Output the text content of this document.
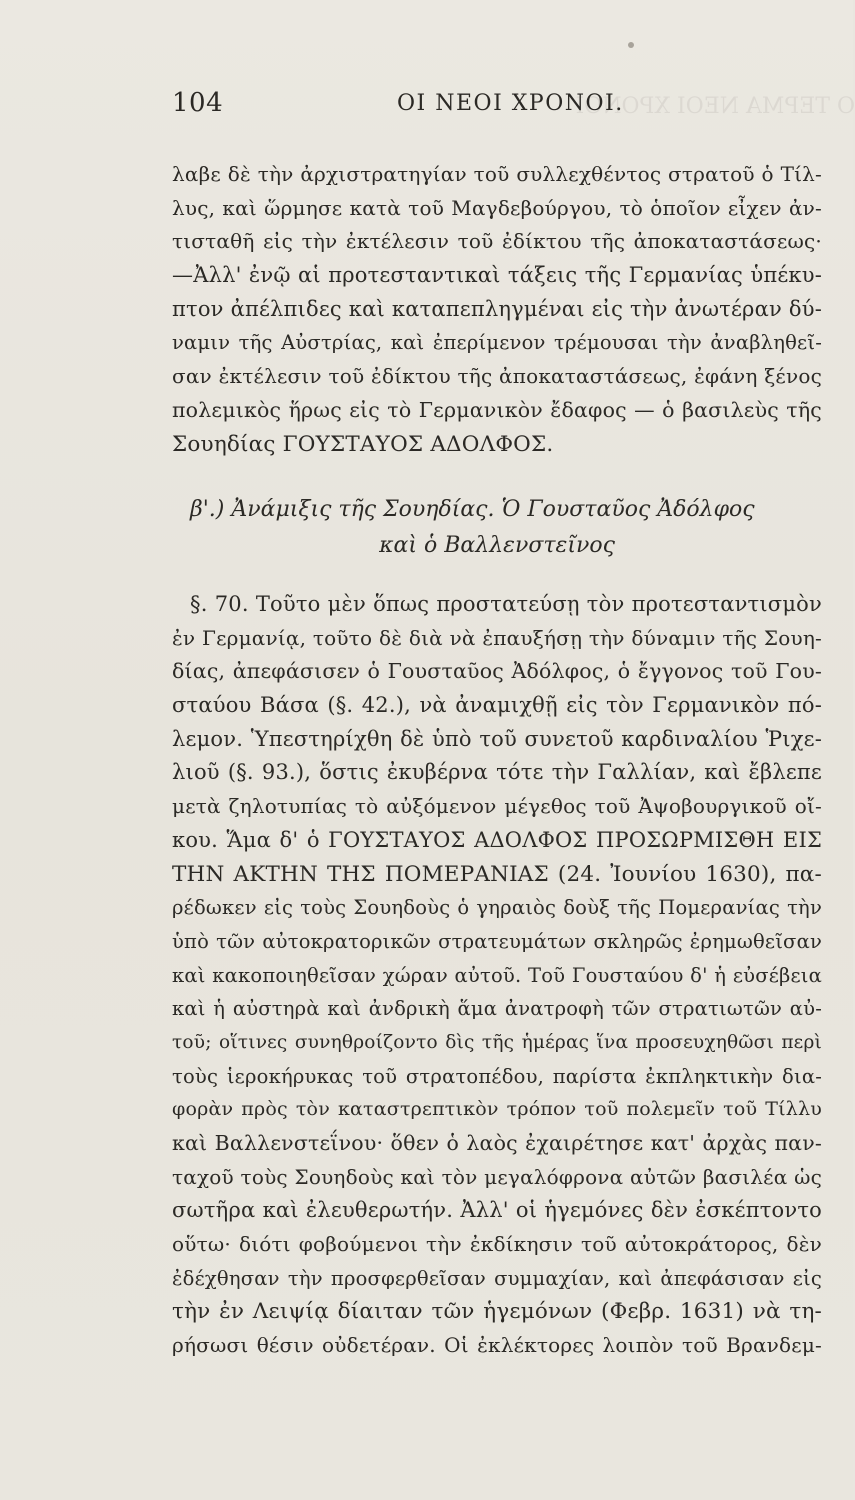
Ο ΤΕΡΜΑ ΝΕΟΙ ΧΡΟΝΟΙ
104	ΟΙ ΝΕΟΙ ΧΡΟΝΟΙ.
λαβε δὲ τὴν ἀρχιστρατηγίαν τοῦ συλλεχθέντος στρατοῦ ὁ Τίλ-
λυς, καὶ ὥρμησε κατὰ τοῦ Μαγδεβούργου, τὸ ὁποῖον εἶχεν ἀν-
τισταθῆ εἰς τὴν ἐκτέλεσιν τοῦ ἐδίκτου τῆς ἀποκαταστάσεως·
—Ἀλλ' ἐνῷ αἱ προτεσταντικαὶ τάξεις τῆς Γερμανίας ὑπέκυ-
πτον ἀπέλπιδες καὶ καταπεπληγμέναι εἰς τὴν ἀνωτέραν δύ-
ναμιν τῆς Αὐστρίας, καὶ ἐπερίμενον τρέμουσαι τὴν ἀναβληθεῖ-
σαν ἐκτέλεσιν τοῦ ἐδίκτου τῆς ἀποκαταστάσεως, ἐφάνη ξένος
πολεμικὸς ἥρως εἰς τὸ Γερμανικὸν ἔδαφος — ὁ βασιλεὺς τῆς
Σουηδίας ΓΟΥΣΤΑΥΟΣ ΑΔΟΛΦΟΣ.
β'.) Ἀνάμιξις τῆς Σουηδίας. Ὁ Γουσταῦος Ἀδόλφος
καὶ ὁ Βαλλενστεῖνος
§. 70. Τοῦτο μὲν ὅπως προστατεύσῃ τὸν προτεσταντισμὸν
ἐν Γερμανίᾳ, τοῦτο δὲ διὰ νὰ ἐπαυξήσῃ τὴν δύναμιν τῆς Σουη-
δίας, ἀπεφάσισεν ὁ Γουσταῦος Ἀδόλφος, ὁ ἔγγονος τοῦ Γου-
σταύου Βάσα (§. 42.), νὰ ἀναμιχθῇ εἰς τὸν Γερμανικὸν πό-
λεμον. Ὑπεστηρίχθη δὲ ὑπὸ τοῦ συνετοῦ καρδιναλίου Ῥιχε-
λιοῦ (§. 93.), ὅστις ἐκυβέρνα τότε τὴν Γαλλίαν, καὶ ἔβλεπε
μετὰ ζηλοτυπίας τὸ αὐξόμενον μέγεθος τοῦ Ἀψοβουργικοῦ οἴ-
κου. Ἅμα δ' ὁ ΓΟΥΣΤΑΥΟΣ ΑΔΟΛΦΟΣ ΠΡΟΣΩΡΜΙΣΘΗ ΕΙΣ
ΤΗΝ ΑΚΤΗΝ ΤΗΣ ΠΟΜΕΡΑΝΙΑΣ (24. Ἰουνίου 1630), πα-
ρέδωκεν εἰς τοὺς Σουηδοὺς ὁ γηραιὸς δοὺξ τῆς Πομερανίας τὴν
ὑπὸ τῶν αὐτοκρατορικῶν στρατευμάτων σκληρῶς ἐρημωθεῖσαν
καὶ κακοποιηθεῖσαν χώραν αὐτοῦ. Τοῦ Γουσταύου δ' ἡ εὐσέβεια
καὶ ἡ αὐστηρὰ καὶ ἀνδρικὴ ἅμα ἀνατροφὴ τῶν στρατιωτῶν αὐ-
τοῦ; οἵτινες συνηθροίζοντο δὶς τῆς ἡμέρας ἵνα προσευχηθῶσι περὶ
τοὺς ἱεροκήρυκας τοῦ στρατοπέδου, παρίστα ἐκπληκτικὴν δια-
φορὰν πρὸς τὸν καταστρεπτικὸν τρόπον τοῦ πολεμεῖν τοῦ Τίλλυ
καὶ Βαλλενστεΐνου· ὅθεν ὁ λαὸς ἐχαιρέτησε κατ' ἀρχὰς παν-
ταχοῦ τοὺς Σουηδοὺς καὶ τὸν μεγαλόφρονα αὐτῶν βασιλέα ὡς
σωτῆρα καὶ ἐλευθερωτήν. Ἀλλ' οἱ ἡγεμόνες δὲν ἐσκέπτοντο
οὕτω· διότι φοβούμενοι τὴν ἐκδίκησιν τοῦ αὐτοκράτορος, δὲν
ἐδέχθησαν τὴν προσφερθεῖσαν συμμαχίαν, καὶ ἀπεφάσισαν εἰς
τὴν ἐν Λειψίᾳ δίαιταν τῶν ἡγεμόνων (Φεβρ. 1631) νὰ τη-
ρήσωσι θέσιν οὐδετέραν. Οἱ ἐκλέκτορες λοιπὸν τοῦ Βρανδεμ-
